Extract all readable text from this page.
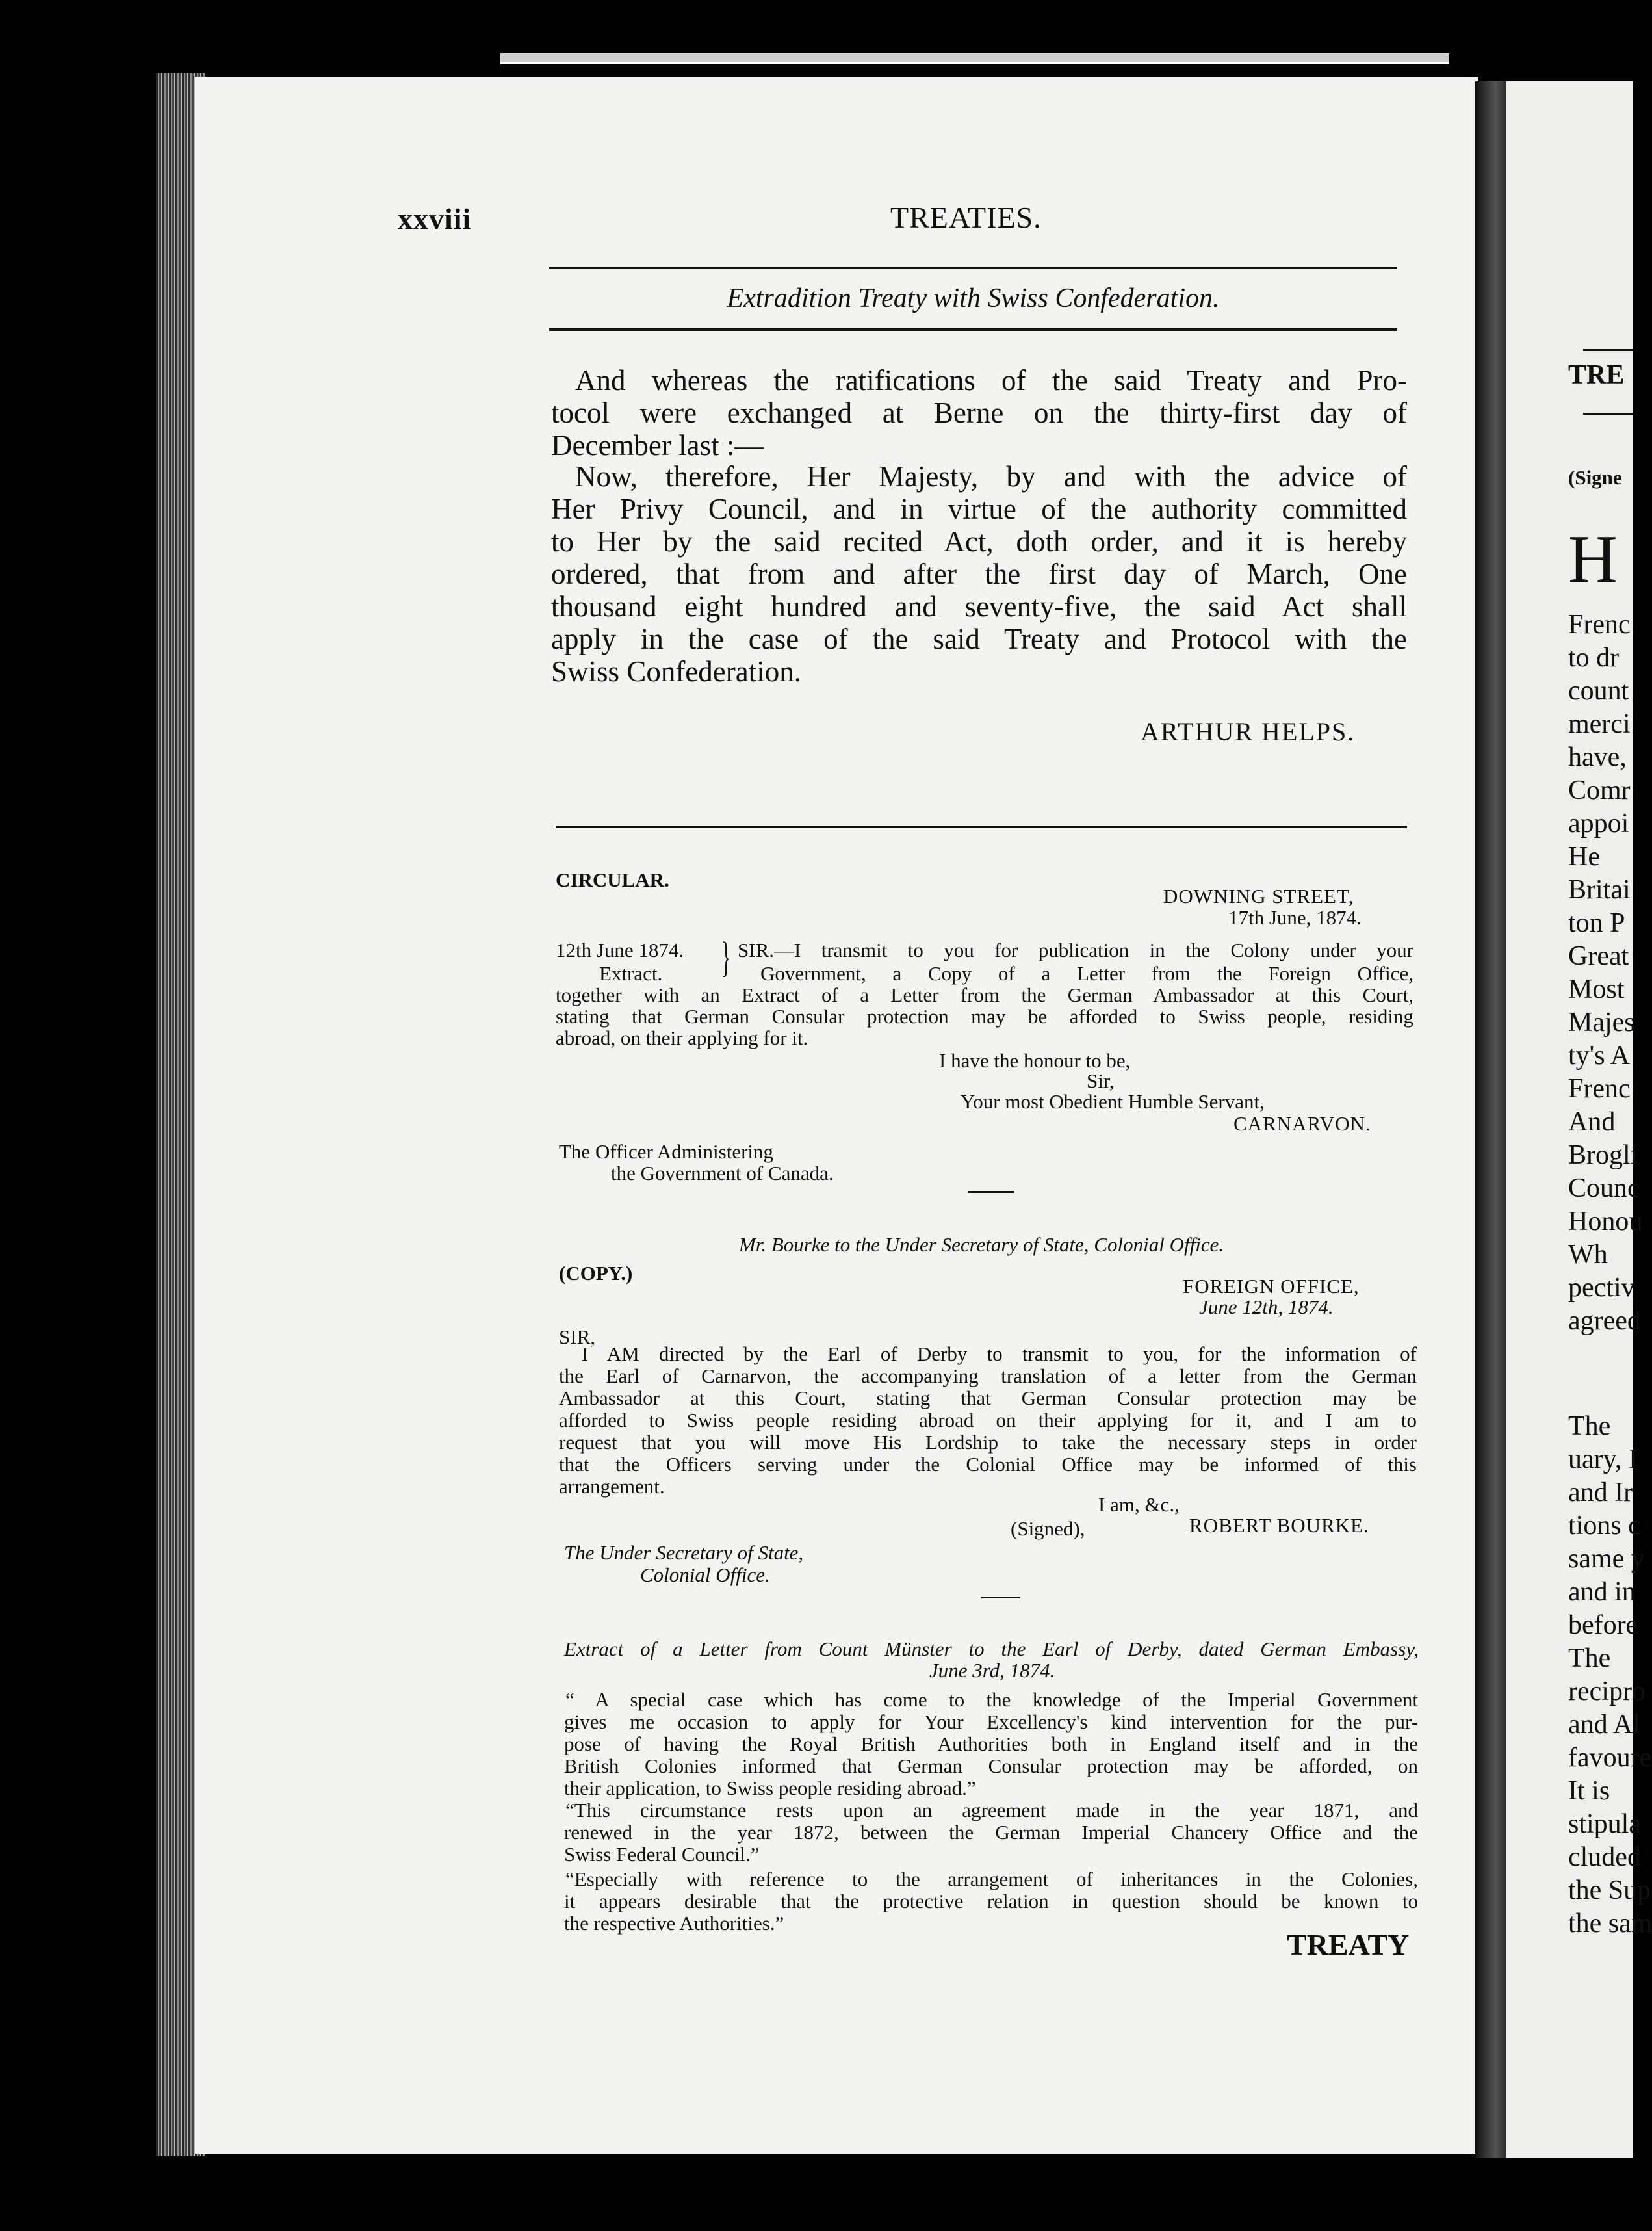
TRE
(Signe
H
Frenc
to dr
count
merci
have,
Comr
appoi
He
Britai
ton P
Great
Most
Majes
ty's A
Frenc
And
Brogli
Counc
Honou
Wh
pectiv
agreed
The
uary, I
and Ir
tions c
same y
and in
before
The
recipro
and Al
favoure
It is
stipula
cluded
the Sup
the sam
xxviii	TREATIES.
Extradition Treaty with Swiss Confederation.
And whereas the ratifications of the said Treaty and Pro-
tocol were exchanged at Berne on the thirty-first day of
December last :—
Now, therefore, Her Majesty, by and with the advice of
Her Privy Council, and in virtue of the authority committed
to Her by the said recited Act, doth order, and it is hereby
ordered, that from and after the first day of March, One
thousand eight hundred and seventy-five, the said Act shall
apply in the case of the said Treaty and Protocol with the
Swiss Confederation.
ARTHUR HELPS.
CIRCULAR.
DOWNING STREET,
17th June, 1874.
12th June 1874.
Extract. } SIR.—I transmit to you for publication in the Colony under your
Government, a Copy of a Letter from the Foreign Office,
together with an Extract of a Letter from the German Ambassador at this Court,
stating that German Consular protection may be afforded to Swiss people, residing
abroad, on their applying for it.
I have the honour to be,
Sir,
Your most Obedient Humble Servant,
CARNARVON.
The Officer Administering
the Government of Canada.
Mr. Bourke to the Under Secretary of State, Colonial Office.
(COPY.)
FOREIGN OFFICE,
June 12th, 1874.
SIR,
I AM directed by the Earl of Derby to transmit to you, for the information of
the Earl of Carnarvon, the accompanying translation of a letter from the German
Ambassador at this Court, stating that German Consular protection may be
afforded to Swiss people residing abroad on their applying for it, and I am to
request that you will move His Lordship to take the necessary steps in order
that the Officers serving under the Colonial Office may be informed of this
arrangement.
I am, &c.,
(Signed),	ROBERT BOURKE.
The Under Secretary of State,
Colonial Office.
Extract of a Letter from Count Münster to the Earl of Derby, dated German Embassy,
June 3rd, 1874.
“ A special case which has come to the knowledge of the Imperial Government
gives me occasion to apply for Your Excellency's kind intervention for the pur-
pose of having the Royal British Authorities both in England itself and in the
British Colonies informed that German Consular protection may be afforded, on
their application, to Swiss people residing abroad.”
“This circumstance rests upon an agreement made in the year 1871, and
renewed in the year 1872, between the German Imperial Chancery Office and the
Swiss Federal Council.”
“Especially with reference to the arrangement of inheritances in the Colonies,
it appears desirable that the protective relation in question should be known to
the respective Authorities.”
TREATY
